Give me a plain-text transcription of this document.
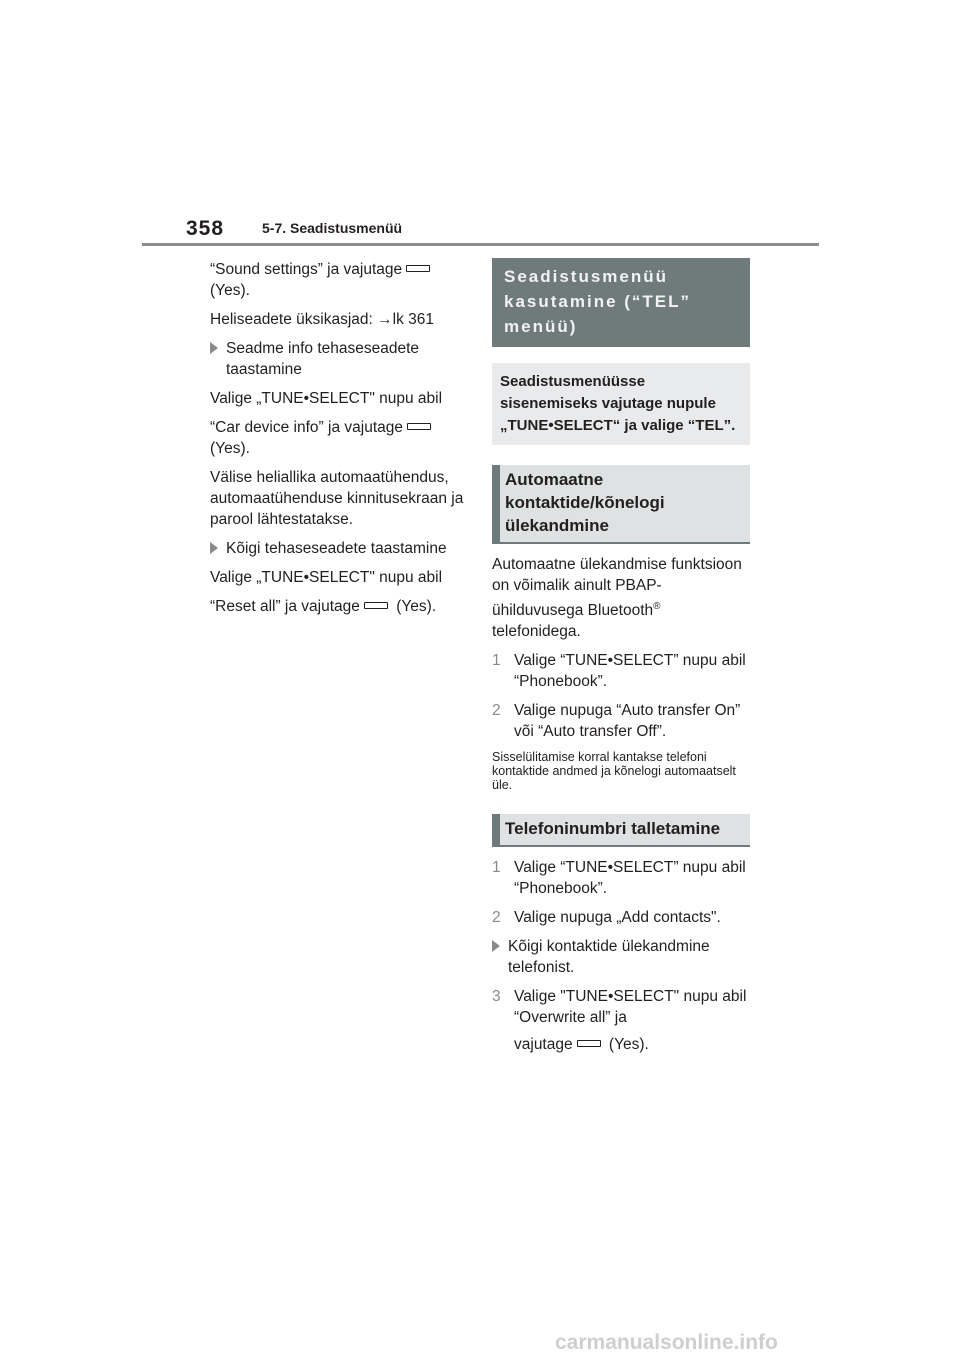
358	5-7. Seadistusmenüü

“Sound settings” ja vajutage
(Yes).

Heliseadete üksikasjad: →lk 361

Seadme info tehaseseadete taastamine

Valige „TUNE•SELECT" nupu abil

“Car device info” ja vajutage
(Yes).

Välise heliallika automaatühendus, automaatühenduse kinnitusekraan ja parool lähtestatakse.

Kõigi tehaseseadete taastamine

Valige „TUNE•SELECT" nupu abil

“Reset all” ja vajutage (Yes).

Seadistusmenüü kasutamine (“TEL” menüü)
Seadistusmenüüsse sisenemiseks vajutage nupule „TUNE•SELECT“ ja valige “TEL”.
Automaatne kontaktide/kõnelogi ülekandmine

Automaatne ülekandmise funktsioon on võimalik ainult PBAP-ühilduvusega Bluetooth® telefonidega.

1 Valige “TUNE•SELECT” nupu abil “Phonebook”.
2 Valige nupuga “Auto transfer On” või “Auto transfer Off”.

Sisselülitamise korral kantakse telefoni kontaktide andmed ja kõnelogi automaatselt üle.

Telefoninumbri talletamine
1 Valige “TUNE•SELECT” nupu abil “Phonebook”.
2 Valige nupuga „Add contacts".
Kõigi kontaktide ülekandmine telefonist.
3 Valige "TUNE•SELECT" nupu abil “Overwrite all” ja
vajutage (Yes).
carmanualsonline.info
